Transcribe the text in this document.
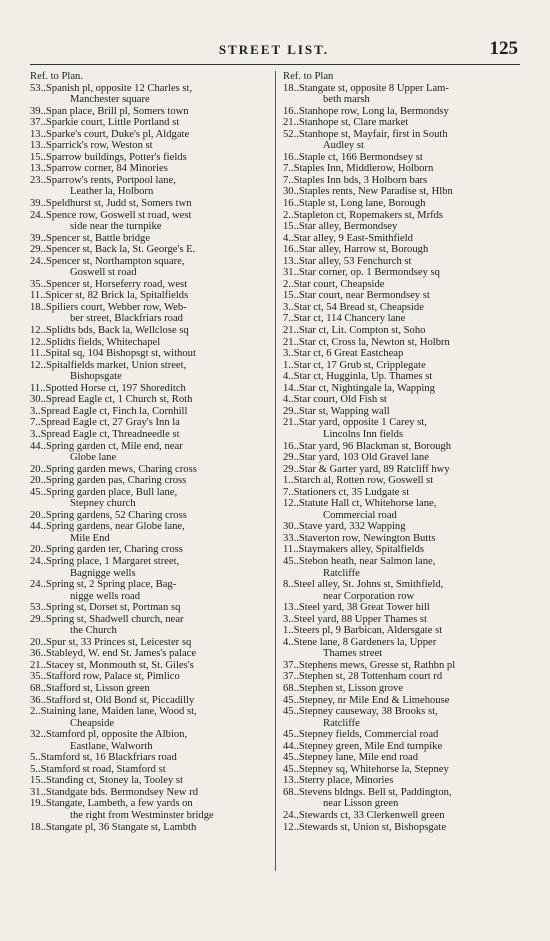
STREET LIST.	125
Ref. to Plan.
53..Spanish pl, opposite 12 Charles st,
Manchester square
39..Span place, Brill pl, Somers town
37..Sparkie court, Little Portland st
13..Sparke's court, Duke's pl, Aldgate
13..Sparrick's row, Weston st
15..Sparrow buildings, Potter's fields
13..Sparrow corner, 84 Minories
23..Sparrow's rents, Portpool lane,
Leather la, Holborn
39..Speldhurst st, Judd st, Somers twn
24..Spence row, Goswell st road, west
side near the turnpike
39..Spencer st, Battle bridge
29..Spencer st, Back la, St. George's E.
24..Spencer st, Northampton square,
Goswell st road
35..Spencer st, Horseferry road, west
11..Spicer st, 82 Brick la, Spitalfields
18..Spiliers court, Webber row, Web-
ber street, Blackfriars road
12..Splidts bds, Back la, Wellclose sq
12..Splidts fields, Whitechapel
11..Spital sq, 104 Bishopsgt st, without
12..Spitalfields market, Union street,
Bishopsgate
11..Spotted Horse ct, 197 Shoreditch
30..Spread Eagle ct, 1 Church st, Roth
3..Spread Eagle ct, Finch la, Cornhill
7..Spread Eagle ct, 27 Gray's Inn la
3..Spread Eagle ct, Threadneedle st
44..Spring garden ct, Mile end, near
Globe lane
20..Spring garden mews, Charing cross
20..Spring garden pas, Charing cross
45..Spring garden place, Bull lane,
Stepney church
20..Spring gardens, 52 Charing cross
44..Spring gardens, near Globe lane,
Mile End
20..Spring garden ter, Charing cross
24..Spring place, 1 Margaret street,
Bagnigge wells
24..Spring st, 2 Spring place, Bag-
nigge wells road
53..Spring st, Dorset st, Portman sq
29..Spring st, Shadwell church, near
the Church
20..Spur st, 33 Princes st, Leicester sq
36..Stableyd, W. end St. James's palace
21..Stacey st, Monmouth st, St. Giles's
35..Stafford row, Palace st, Pimlico
68..Stafford st, Lisson green
36..Stafford st, Old Bond st, Piccadilly
2..Staining lane, Maiden lane, Wood st,
Cheapside
32..Stamford pl, opposite the Albion,
Eastlane, Walworth
5..Stamford st, 16 Blackfriars road
5..Stamford st road, Stamford st
15..Standing ct, Stoney la, Tooley st
31..Standgate bds. Bermondsey New rd
19..Stangate, Lambeth, a few yards on
the right from Westminster bridge
18..Stangate pl, 36 Stangate st, Lambth
Ref. to Plan
18..Stangate st, opposite 8 Upper Lam-
beth marsh
16..Stanhope row, Long la, Bermondsy
21..Stanhope st, Clare market
52..Stanhope st, Mayfair, first in South
Audley st
16..Staple ct, 166 Bermondsey st
7..Staples Inn, Middlerow, Holborn
7..Staples Inn bds, 3 Holborn bars
30..Staples rents, New Paradise st, Hlbn
16..Staple st, Long lane, Borough
2..Stapleton ct, Ropemakers st, Mrfds
15..Star alley, Bermondsey
4..Star alley, 9 East-Smithfield
16..Star alley, Harrow st, Borough
13..Star alley, 53 Fenchurch st
31..Star corner, op. 1 Bermondsey sq
2..Star court, Cheapside
15..Star court, near Bermondsey st
3..Star ct, 54 Bread st, Cheapside
7..Star ct, 114 Chancery lane
21..Star ct, Lit. Compton st, Soho
21..Star ct, Cross la, Newton st, Holbrn
3..Star ct, 6 Great Eastcheap
1..Star ct, 17 Grub st, Cripplegate
4..Star ct, Hugginla, Up. Thames st
14..Star ct, Nightingale la, Wapping
4..Star court, Old Fish st
29..Star st, Wapping wall
21..Star yard, opposite 1 Carey st,
Lincolns Inn fields
16..Star yard, 96 Blackman st, Borough
29..Star yard, 103 Old Gravel lane
29..Star & Garter yard, 89 Ratcliff hwy
1..Starch al, Rotten row, Goswell st
7..Stationers ct, 35 Ludgate st
12..Statute Hall ct, Whitehorse lane,
Commercial road
30..Stave yard, 332 Wapping
33..Staverton row, Newington Butts
11..Staymakers alley, Spitalfields
45..Stebon heath, near Salmon lane,
Ratcliffe
8..Steel alley, St. Johns st, Smithfield,
near Corporation row
13..Steel yard, 38 Great Tower hill
3..Steel yard, 88 Upper Thames st
1..Steers pl, 9 Barbican, Aldersgate st
4..Stene lane, 8 Gardeners la, Upper
Thames street
37..Stephens mews, Gresse st, Rathbn pl
37..Stephen st, 28 Tottenham court rd
68..Stephen st, Lisson grove
45..Stepney, nr Mile End & Limehouse
45..Stepney causeway, 38 Brooks st,
Ratcliffe
45..Stepney fields, Commercial road
44..Stepney green, Mile End turnpike
45..Stepney lane, Mile end road
45..Stepney sq, Whitehorse la, Stepney
13..Sterry place, Minories
68..Stevens bldngs. Bell st, Paddington,
near Lisson green
24..Stewards ct, 33 Clerkenwell green
12..Stewards st, Union st, Bishopsgate
